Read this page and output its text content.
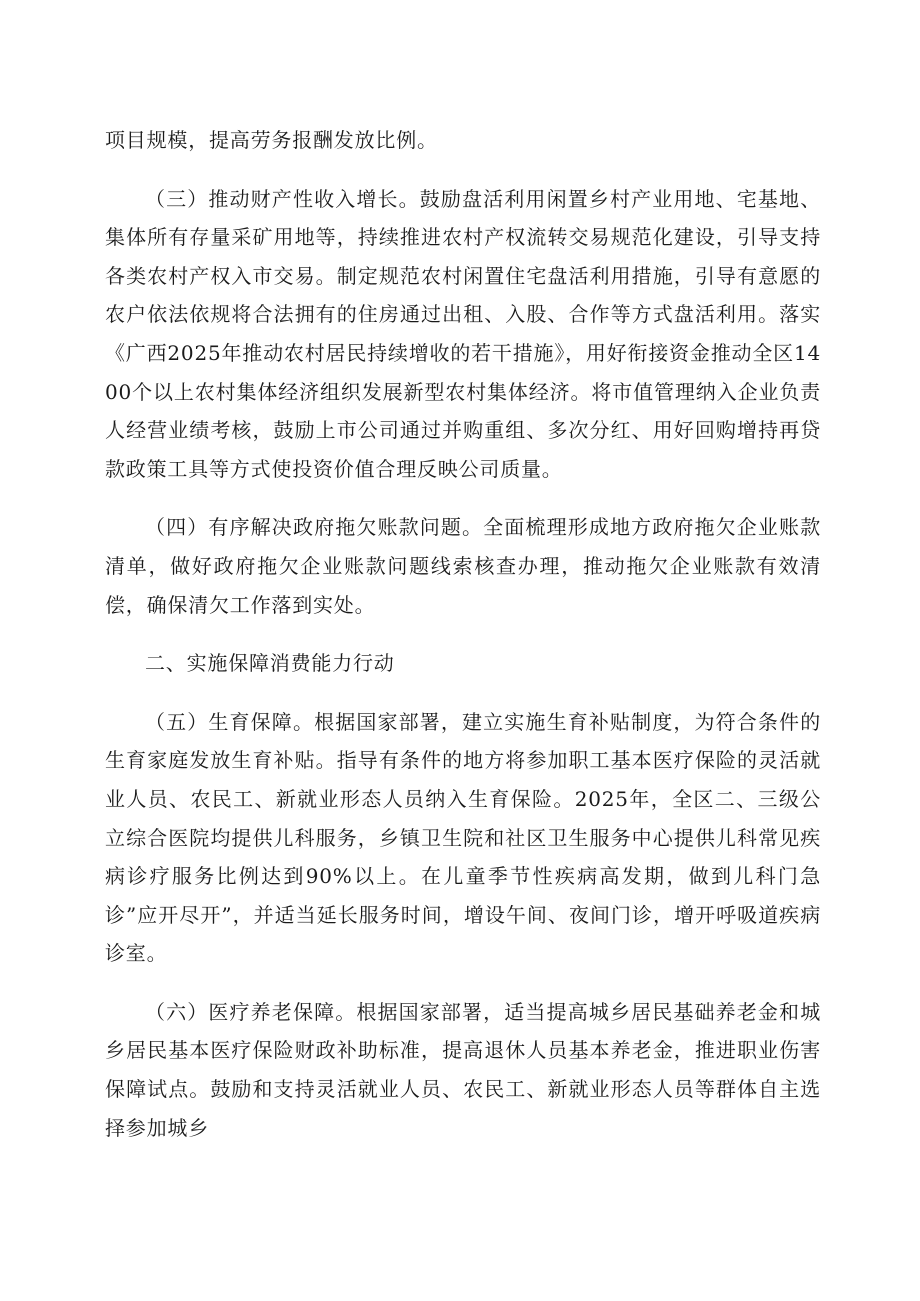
项目规模，提高劳务报酬发放比例。

（三）推动财产性收入增长。鼓励盘活利用闲置乡村产业用地、宅基地、集体所有存量采矿用地等，持续推进农村产权流转交易规范化建设，引导支持各类农村产权入市交易。制定规范农村闲置住宅盘活利用措施，引导有意愿的农户依法依规将合法拥有的住房通过出租、入股、合作等方式盘活利用。落实《广西2025年推动农村居民持续增收的若干措施》，用好衔接资金推动全区1400个以上农村集体经济组织发展新型农村集体经济。将市值管理纳入企业负责人经营业绩考核，鼓励上市公司通过并购重组、多次分红、用好回购增持再贷款政策工具等方式使投资价值合理反映公司质量。

（四）有序解决政府拖欠账款问题。全面梳理形成地方政府拖欠企业账款清单，做好政府拖欠企业账款问题线索核查办理，推动拖欠企业账款有效清偿，确保清欠工作落到实处。

二、实施保障消费能力行动

（五）生育保障。根据国家部署，建立实施生育补贴制度，为符合条件的生育家庭发放生育补贴。指导有条件的地方将参加职工基本医疗保险的灵活就业人员、农民工、新就业形态人员纳入生育保险。2025年，全区二、三级公立综合医院均提供儿科服务，乡镇卫生院和社区卫生服务中心提供儿科常见疾病诊疗服务比例达到90%以上。在儿童季节性疾病高发期，做到儿科门急诊”应开尽开”，并适当延长服务时间，增设午间、夜间门诊，增开呼吸道疾病诊室。

（六）医疗养老保障。根据国家部署，适当提高城乡居民基础养老金和城乡居民基本医疗保险财政补助标准，提高退休人员基本养老金，推进职业伤害保障试点。鼓励和支持灵活就业人员、农民工、新就业形态人员等群体自主选择参加城乡
